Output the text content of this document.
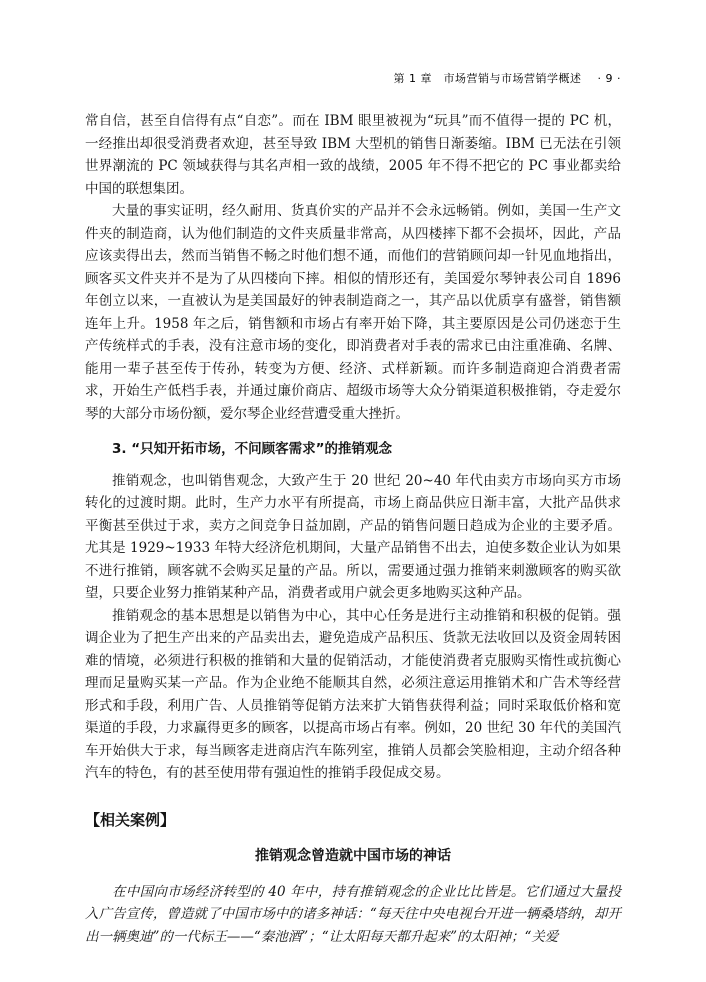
第 1 章　市场营销与市场营销学概述 · 9 ·

常自信，甚至自信得有点“自恋”。而在 IBM 眼里被视为“玩具”而不值得一提的 PC 机，一经推出却很受消费者欢迎，甚至导致 IBM 大型机的销售日渐萎缩。IBM 已无法在引领世界潮流的 PC 领域获得与其名声相一致的战绩，2005 年不得不把它的 PC 事业都卖给中国的联想集团。

大量的事实证明，经久耐用、货真价实的产品并不会永远畅销。例如，美国一生产文件夹的制造商，认为他们制造的文件夹质量非常高，从四楼摔下都不会损坏，因此，产品应该卖得出去，然而当销售不畅之时他们想不通，而他们的营销顾问却一针见血地指出，顾客买文件夹并不是为了从四楼向下摔。相似的情形还有，美国爱尔琴钟表公司自 1896 年创立以来，一直被认为是美国最好的钟表制造商之一，其产品以优质享有盛誉，销售额连年上升。1958 年之后，销售额和市场占有率开始下降，其主要原因是公司仍迷恋于生产传统样式的手表，没有注意市场的变化，即消费者对手表的需求已由注重准确、名牌、能用一辈子甚至传于传孙，转变为方便、经济、式样新颖。而许多制造商迎合消费者需求，开始生产低档手表，并通过廉价商店、超级市场等大众分销渠道积极推销，夺走爱尔琴的大部分市场份额，爱尔琴企业经营遭受重大挫折。

3. “只知开拓市场，不问顾客需求”的推销观念

推销观念，也叫销售观念，大致产生于 20 世纪 20~40 年代由卖方市场向买方市场转化的过渡时期。此时，生产力水平有所提高，市场上商品供应日渐丰富，大批产品供求平衡甚至供过于求，卖方之间竞争日益加剧，产品的销售问题日趋成为企业的主要矛盾。尤其是 1929~1933 年特大经济危机期间，大量产品销售不出去，迫使多数企业认为如果不进行推销，顾客就不会购买足量的产品。所以，需要通过强力推销来刺激顾客的购买欲望，只要企业努力推销某种产品，消费者或用户就会更多地购买这种产品。

推销观念的基本思想是以销售为中心，其中心任务是进行主动推销和积极的促销。强调企业为了把生产出来的产品卖出去，避免造成产品积压、货款无法收回以及资金周转困难的情境，必须进行积极的推销和大量的促销活动，才能使消费者克服购买惰性或抗衡心理而足量购买某一产品。作为企业绝不能顺其自然，必须注意运用推销术和广告术等经营形式和手段，利用广告、人员推销等促销方法来扩大销售获得利益；同时采取低价格和宽渠道的手段，力求赢得更多的顾客，以提高市场占有率。例如，20 世纪 30 年代的美国汽车开始供大于求，每当顾客走进商店汽车陈列室，推销人员都会笑脸相迎，主动介绍各种汽车的特色，有的甚至使用带有强迫性的推销手段促成交易。

【相关案例】
推销观念曾造就中国市场的神话

在中国向市场经济转型的 40 年中，持有推销观念的企业比比皆是。它们通过大量投入广告宣传，曾造就了中国市场中的诸多神话：“每天往中央电视台开进一辆桑塔纳，却开出一辆奥迪”的一代标王——“秦池酒”；“让太阳每天都升起来”的太阳神；“关爱
